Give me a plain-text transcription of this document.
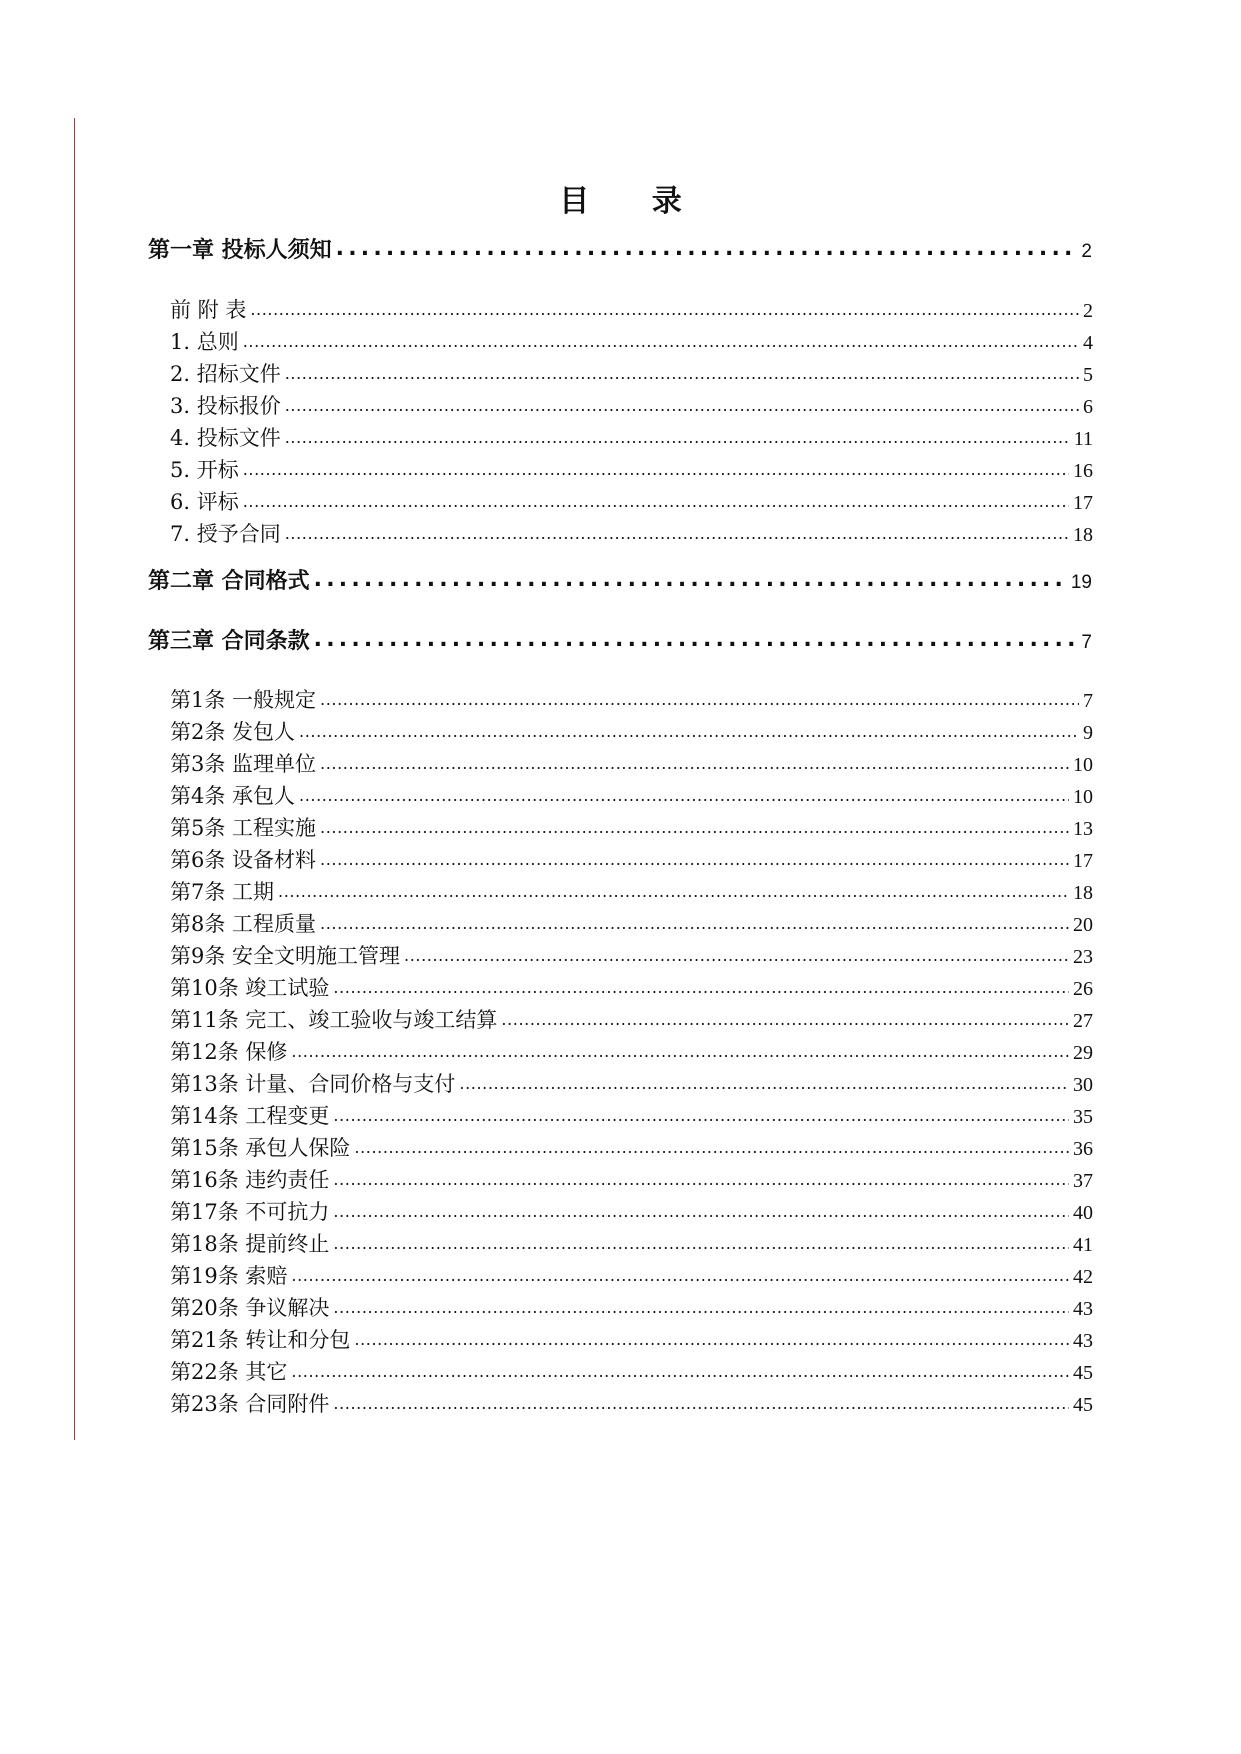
目 录
第一章 投标人须知 .....	2
前 附 表 .....	2
1. 总则 .....	4
2. 招标文件 .....	5
3. 投标报价 .....	6
4. 投标文件 .....	11
5. 开标 .....	16
6. 评标 .....	17
7. 授予合同 .....	18
第二章 合同格式 .....	19
第三章 合同条款 .....	7
第1条 一般规定 .....	7
第2条 发包人 .....	9
第3条 监理单位 .....	10
第4条 承包人 .....	10
第5条 工程实施 .....	13
第6条 设备材料 .....	17
第7条 工期 .....	18
第8条 工程质量 .....	20
第9条 安全文明施工管理 .....	23
第10条 竣工试验 .....	26
第11条 完工、竣工验收与竣工结算 .....	27
第12条 保修 .....	29
第13条 计量、合同价格与支付 .....	30
第14条 工程变更 .....	35
第15条 承包人保险 .....	36
第16条 违约责任 .....	37
第17条 不可抗力 .....	40
第18条 提前终止 .....	41
第19条 索赔 .....	42
第20条 争议解决 .....	43
第21条 转让和分包 .....	43
第22条 其它 .....	45
第23条 合同附件 .....	45
